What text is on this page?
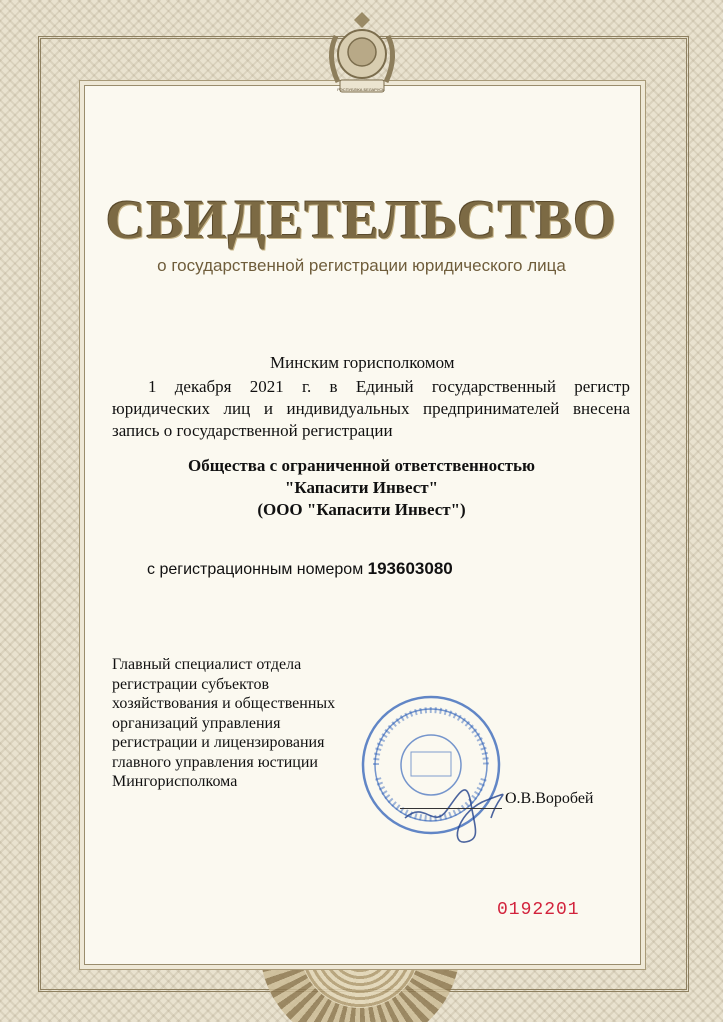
РЭСПУБЛІКА БЕЛАРУСЬ
СВИДЕТЕЛЬСТВО
о государственной регистрации юридического лица
Минским горисполкомом
1 декабря 2021 г. в Единый государственный регистр
юридических лиц и индивидуальных предпринимателей внесена
запись о государственной регистрации
Общества с ограниченной ответственностью
"Капасити Инвест"
(ООО "Капасити Инвест")
с регистрационным номером 193603080
Главный специалист отдела
регистрации субъектов
хозяйствования и общественных
организаций управления
регистрации и лицензирования
главного управления юстиции
Мингорисполкома
О.В.Воробей
0192201
